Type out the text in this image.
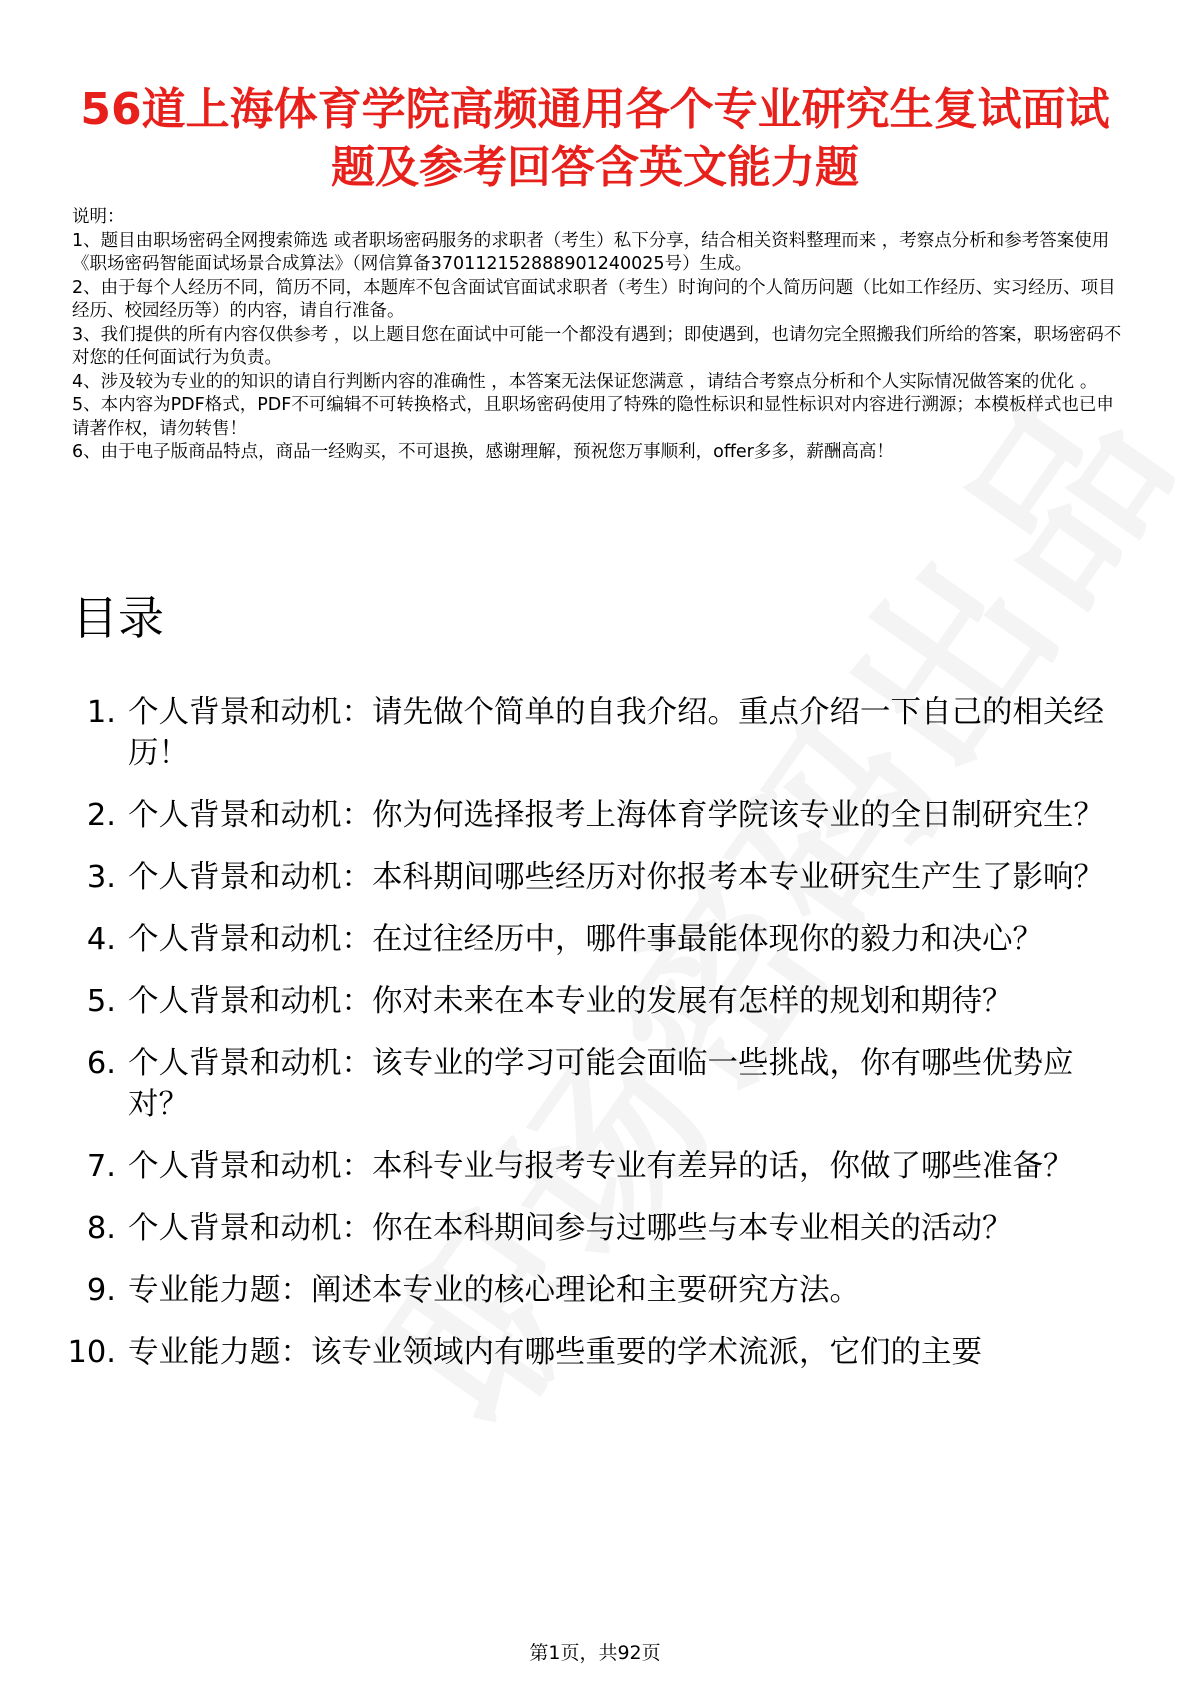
56道上海体育学院高频通用各个专业研究生复试面试题及参考回答含英文能力题

说明：

1、题目由职场密码全网搜索筛选 或者职场密码服务的求职者（考生）私下分享，结合相关资料整理而来 ，考察点分析和参考答案使用《职场密码智能面试场景合成算法》（网信算备370112152888901240025号）生成。

2、由于每个人经历不同，简历不同，本题库不包含面试官面试求职者（考生）时询问的个人简历问题（比如工作经历、实习经历、项目经历、校园经历等）的内容，请自行准备。

3、我们提供的所有内容仅供参考 ，以上题目您在面试中可能一个都没有遇到；即使遇到，也请勿完全照搬我们所给的答案，职场密码不对您的任何面试行为负责。

4、涉及较为专业的的知识的请自行判断内容的准确性 ，本答案无法保证您满意 ，请结合考察点分析和个人实际情况做答案的优化 。

5、本内容为PDF格式，PDF不可编辑不可转换格式，且职场密码使用了特殊的隐性标识和显性标识对内容进行溯源；本模板样式也已申请著作权，请勿转售！

6、由于电子版商品特点，商品一经购买，不可退换，感谢理解，预祝您万事顺利，offer多多，薪酬高高！

目录
1. 个人背景和动机：请先做个简单的自我介绍。重点介绍一下自己的相关经历！
2. 个人背景和动机：你为何选择报考上海体育学院该专业的全日制研究生？
3. 个人背景和动机：本科期间哪些经历对你报考本专业研究生产生了影响？
4. 个人背景和动机：在过往经历中，哪件事最能体现你的毅力和决心？
5. 个人背景和动机：你对未来在本专业的发展有怎样的规划和期待？
6. 个人背景和动机：该专业的学习可能会面临一些挑战，你有哪些优势应对？
7. 个人背景和动机：本科专业与报考专业有差异的话，你做了哪些准备？
8. 个人背景和动机：你在本科期间参与过哪些与本专业相关的活动？
9. 专业能力题：阐述本专业的核心理论和主要研究方法。
10. 专业能力题：该专业领域内有哪些重要的学术流派，它们的主要
第1页，共92页
